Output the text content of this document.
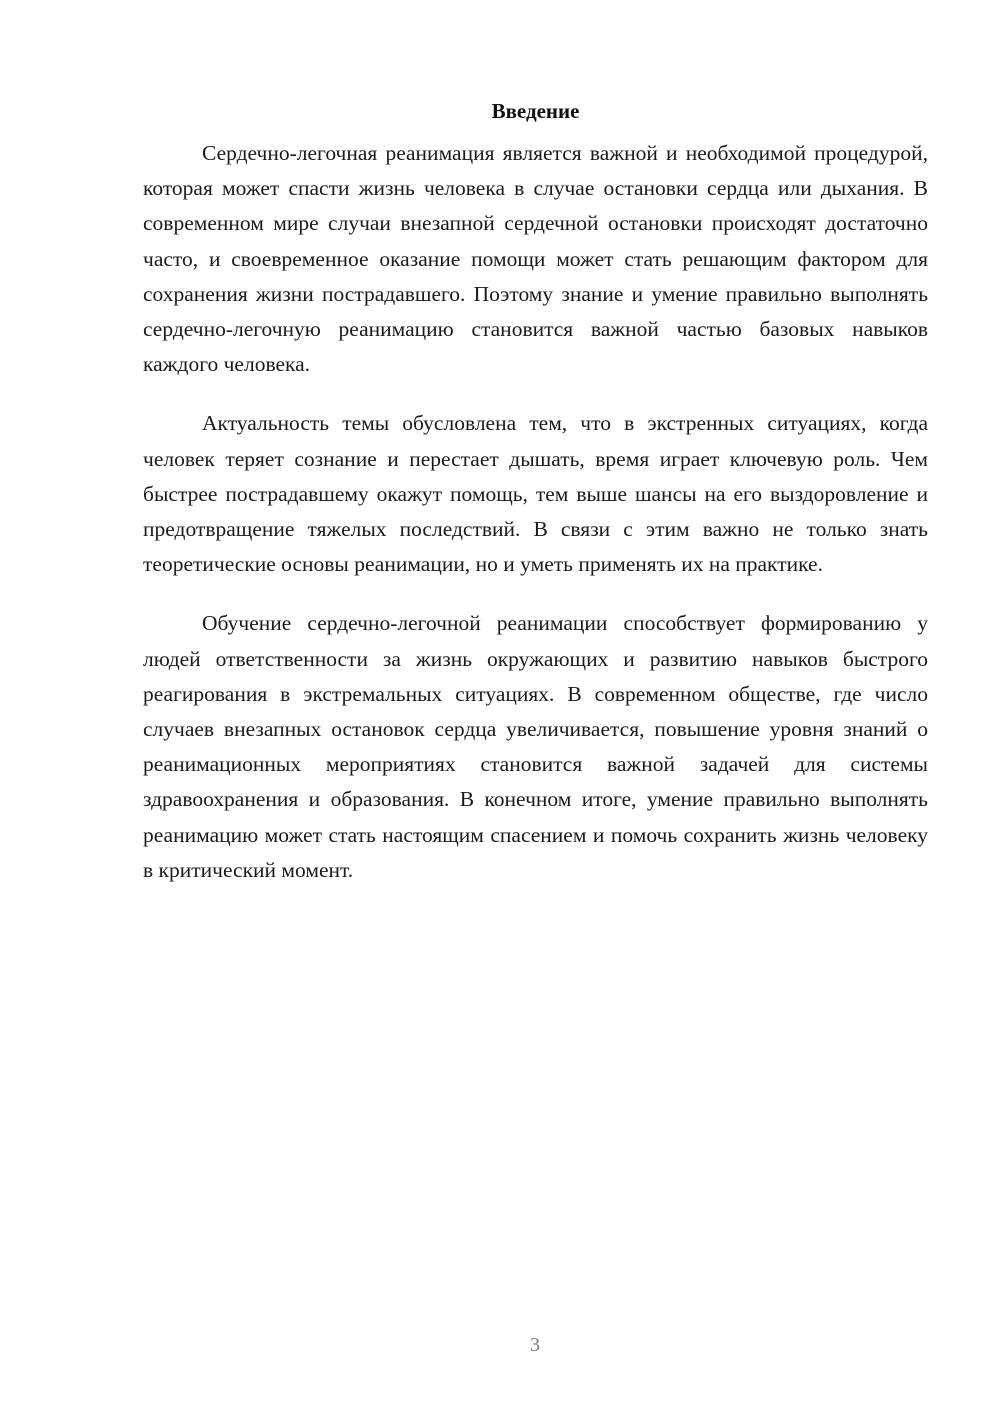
Введение

Сердечно-легочная реанимация является важной и необходимой процедурой, которая может спасти жизнь человека в случае остановки сердца или дыхания. В современном мире случаи внезапной сердечной остановки происходят достаточно часто, и своевременное оказание помощи может стать решающим фактором для сохранения жизни пострадавшего. Поэтому знание и умение правильно выполнять сердечно-легочную реанимацию становится важной частью базовых навыков каждого человека.

Актуальность темы обусловлена тем, что в экстренных ситуациях, когда человек теряет сознание и перестает дышать, время играет ключевую роль. Чем быстрее пострадавшему окажут помощь, тем выше шансы на его выздоровление и предотвращение тяжелых последствий. В связи с этим важно не только знать теоретические основы реанимации, но и уметь применять их на практике.

Обучение сердечно-легочной реанимации способствует формированию у людей ответственности за жизнь окружающих и развитию навыков быстрого реагирования в экстремальных ситуациях. В современном обществе, где число случаев внезапных остановок сердца увеличивается, повышение уровня знаний о реанимационных мероприятиях становится важной задачей для системы здравоохранения и образования. В конечном итоге, умение правильно выполнять реанимацию может стать настоящим спасением и помочь сохранить жизнь человеку в критический момент.

3
